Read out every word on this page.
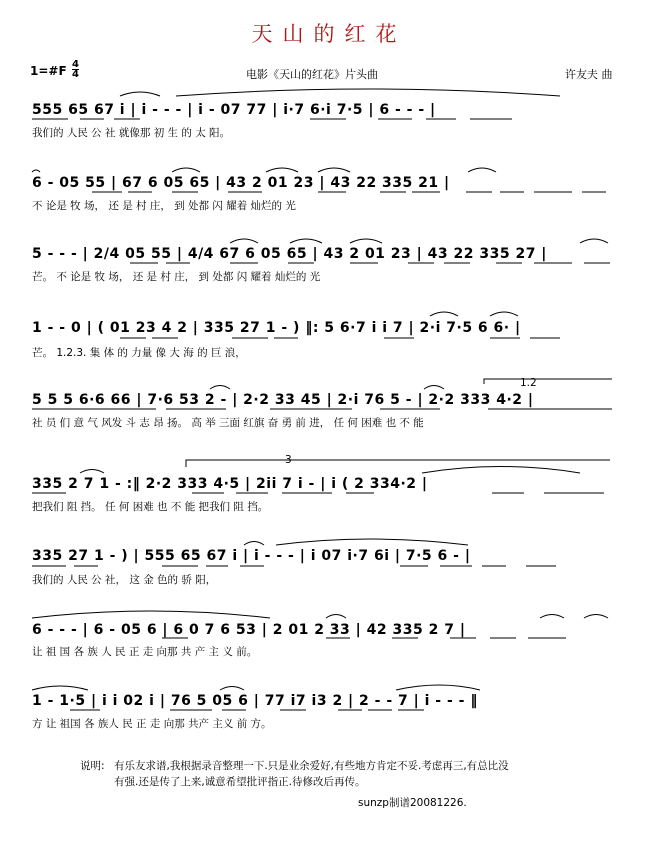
天山的红花
1=#F 4
4	电影《天山的红花》片头曲	许友夫 曲
555 65 67 i | i - - - | i - 07 77 | i·7 6·i 7·5 | 6 - - - |
我们的 人民 公 社 就像那 初 生 的 太 阳。
6 - 05 55 | 67 6 05 65 | 43 2 01 23 | 43 22 335 21 |
不 论是 牧 场， 还 是 村 庄， 到 处都 闪 耀着 灿烂的 光
5 - - - | 2/4 05 55 | 4/4 67 6 05 65 | 43 2 01 23 | 43 22 335 27 |
芒。 不 论是 牧 场， 还 是 村 庄， 到 处都 闪 耀着 灿烂的 光
1 - - 0 | ( 01 23 4 2 | 335 27 1 - ) ‖: 5 6·7 i i 7 | 2·i 7·5 6 6· |
芒。 1.2.3. 集 体 的 力量 像 大 海 的 巨 浪，
5 5 5 6·6 66 | 7·6 53 2 - | 2·2 33 45 | 2·i 76 5 - | 2·2 333 4·2 |
社 员 们 意 气 风发 斗 志 昂 扬。 高 举 三面 红旗 奋 勇 前 进， 任 何 困难 也 不 能
1.2
335 2 7 1 - :‖ 2·2 333 4·5 | 2ii 7 i - | i ( 2 334·2 |
把我们 阻 挡。 任 何 困难 也 不 能 把我们 阻 挡。
3
335 27 1 - ) | 555 65 67 i | i - - - | i 07 i·7 6i | 7·5 6 - |
我们的 人民 公 社， 这 金 色的 骄 阳，
6 - - - | 6 - 05 6 | 6 0 7 6 53 | 2 01 2 33 | 42 335 2 7 |
让 祖 国 各 族 人 民 正 走 向那 共 产 主 义 前。
1 - 1·5 | i i 02 i | 76 5 05 6 | 77 i7 i3 2 | 2 - - 7 | i - - - ‖
方 让 祖国 各 族人 民 正 走 向那 共产 主义 前 方。
说明: 有乐友求谱,我根据录音整理一下.只是业余爱好,有些地方肯定不妥.考虑再三,有总比没
有强.还是传了上来,诚意希望批评指正.待修改后再传。
sunzp制谱20081226.
